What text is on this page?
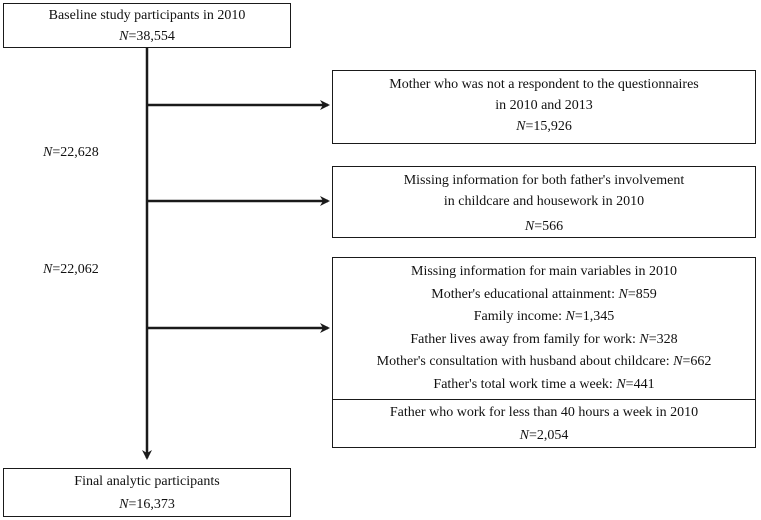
Baseline study participants in 2010
N=38,554
Mother who was not a respondent to the questionnaires
in 2010 and 2013
N=15,926
N=22,628
Missing information for both father's involvement
in childcare and housework in 2010
N=566
N=22,062	Missing information for main variables in 2010
Mother's educational attainment: N=859
Family income: N=1,345
Father lives away from family for work: N=328
Mother's consultation with husband about childcare: N=662
Father's total work time a week: N=441
Father who work for less than 40 hours a week in 2010
N=2,054
Final analytic participants
N=16,373
